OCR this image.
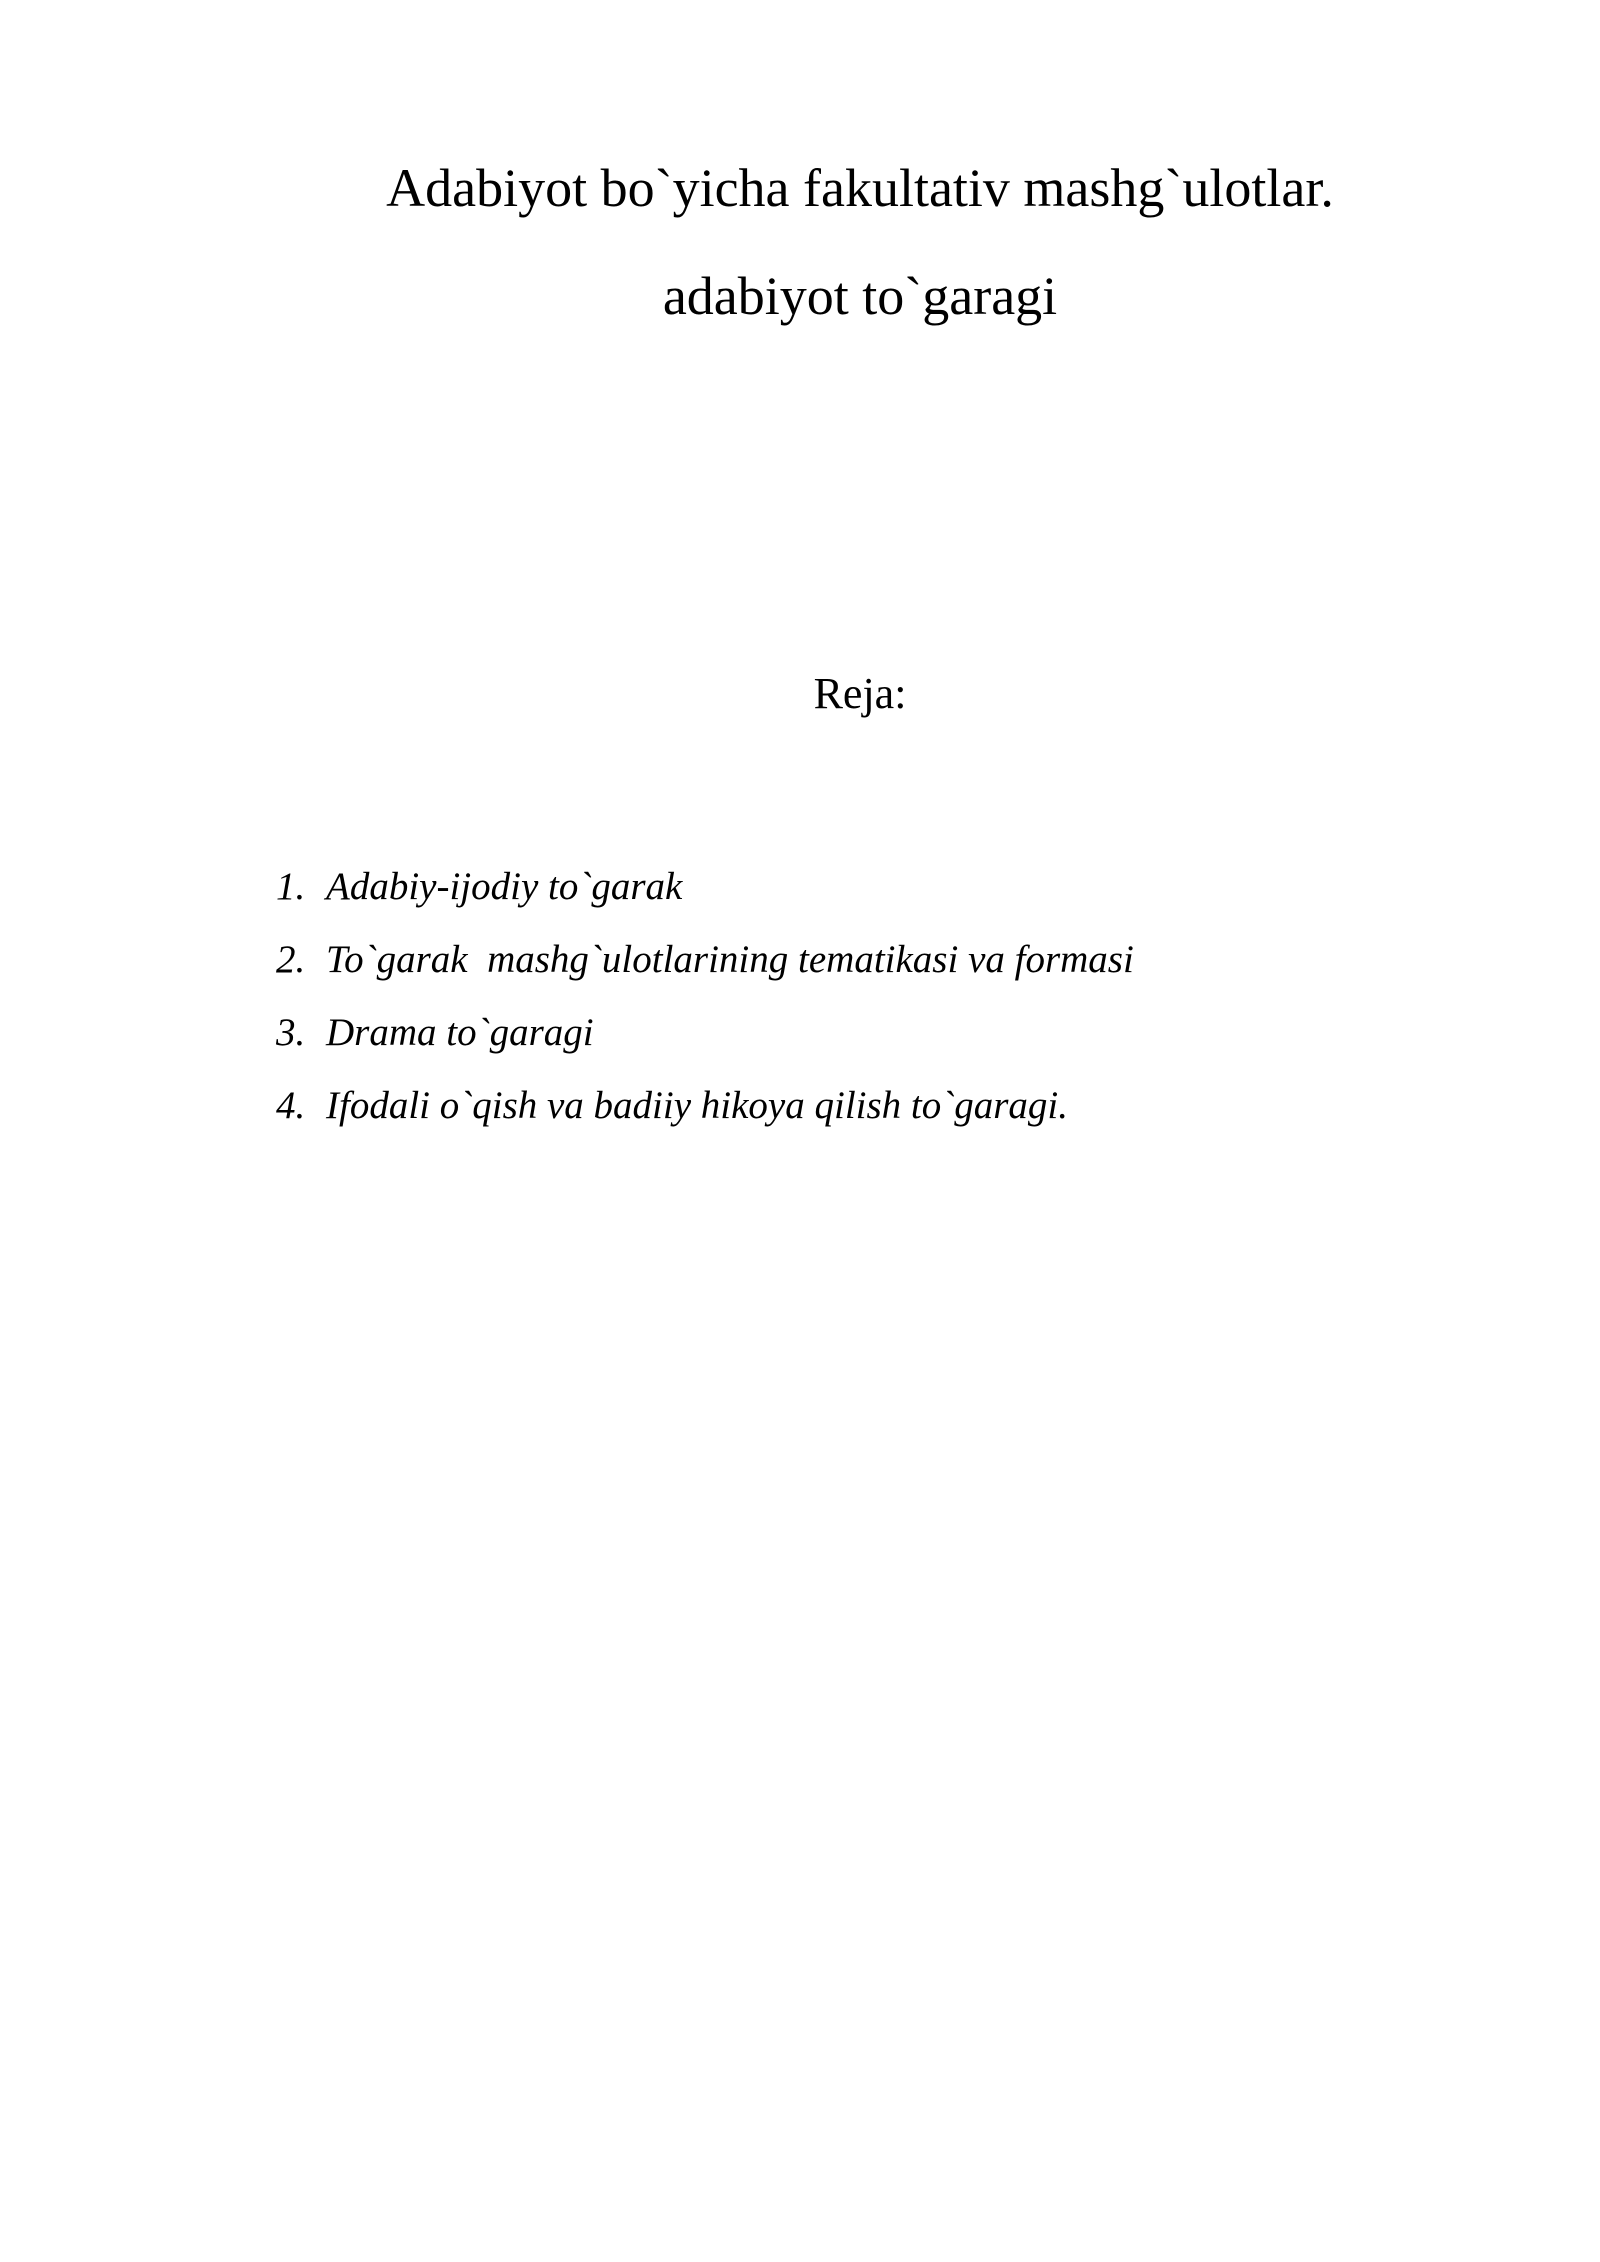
Adabiyot bo`yicha fakultativ mashg`ulotlar.
adabiyot to`garagi
Reja:
1. Adabiy-ijodiy to`garak
2. To`garak  mashg`ulotlarining tematikasi va formasi
3. Drama to`garagi
4. Ifodali o`qish va badiiy hikoya qilish to`garagi.
